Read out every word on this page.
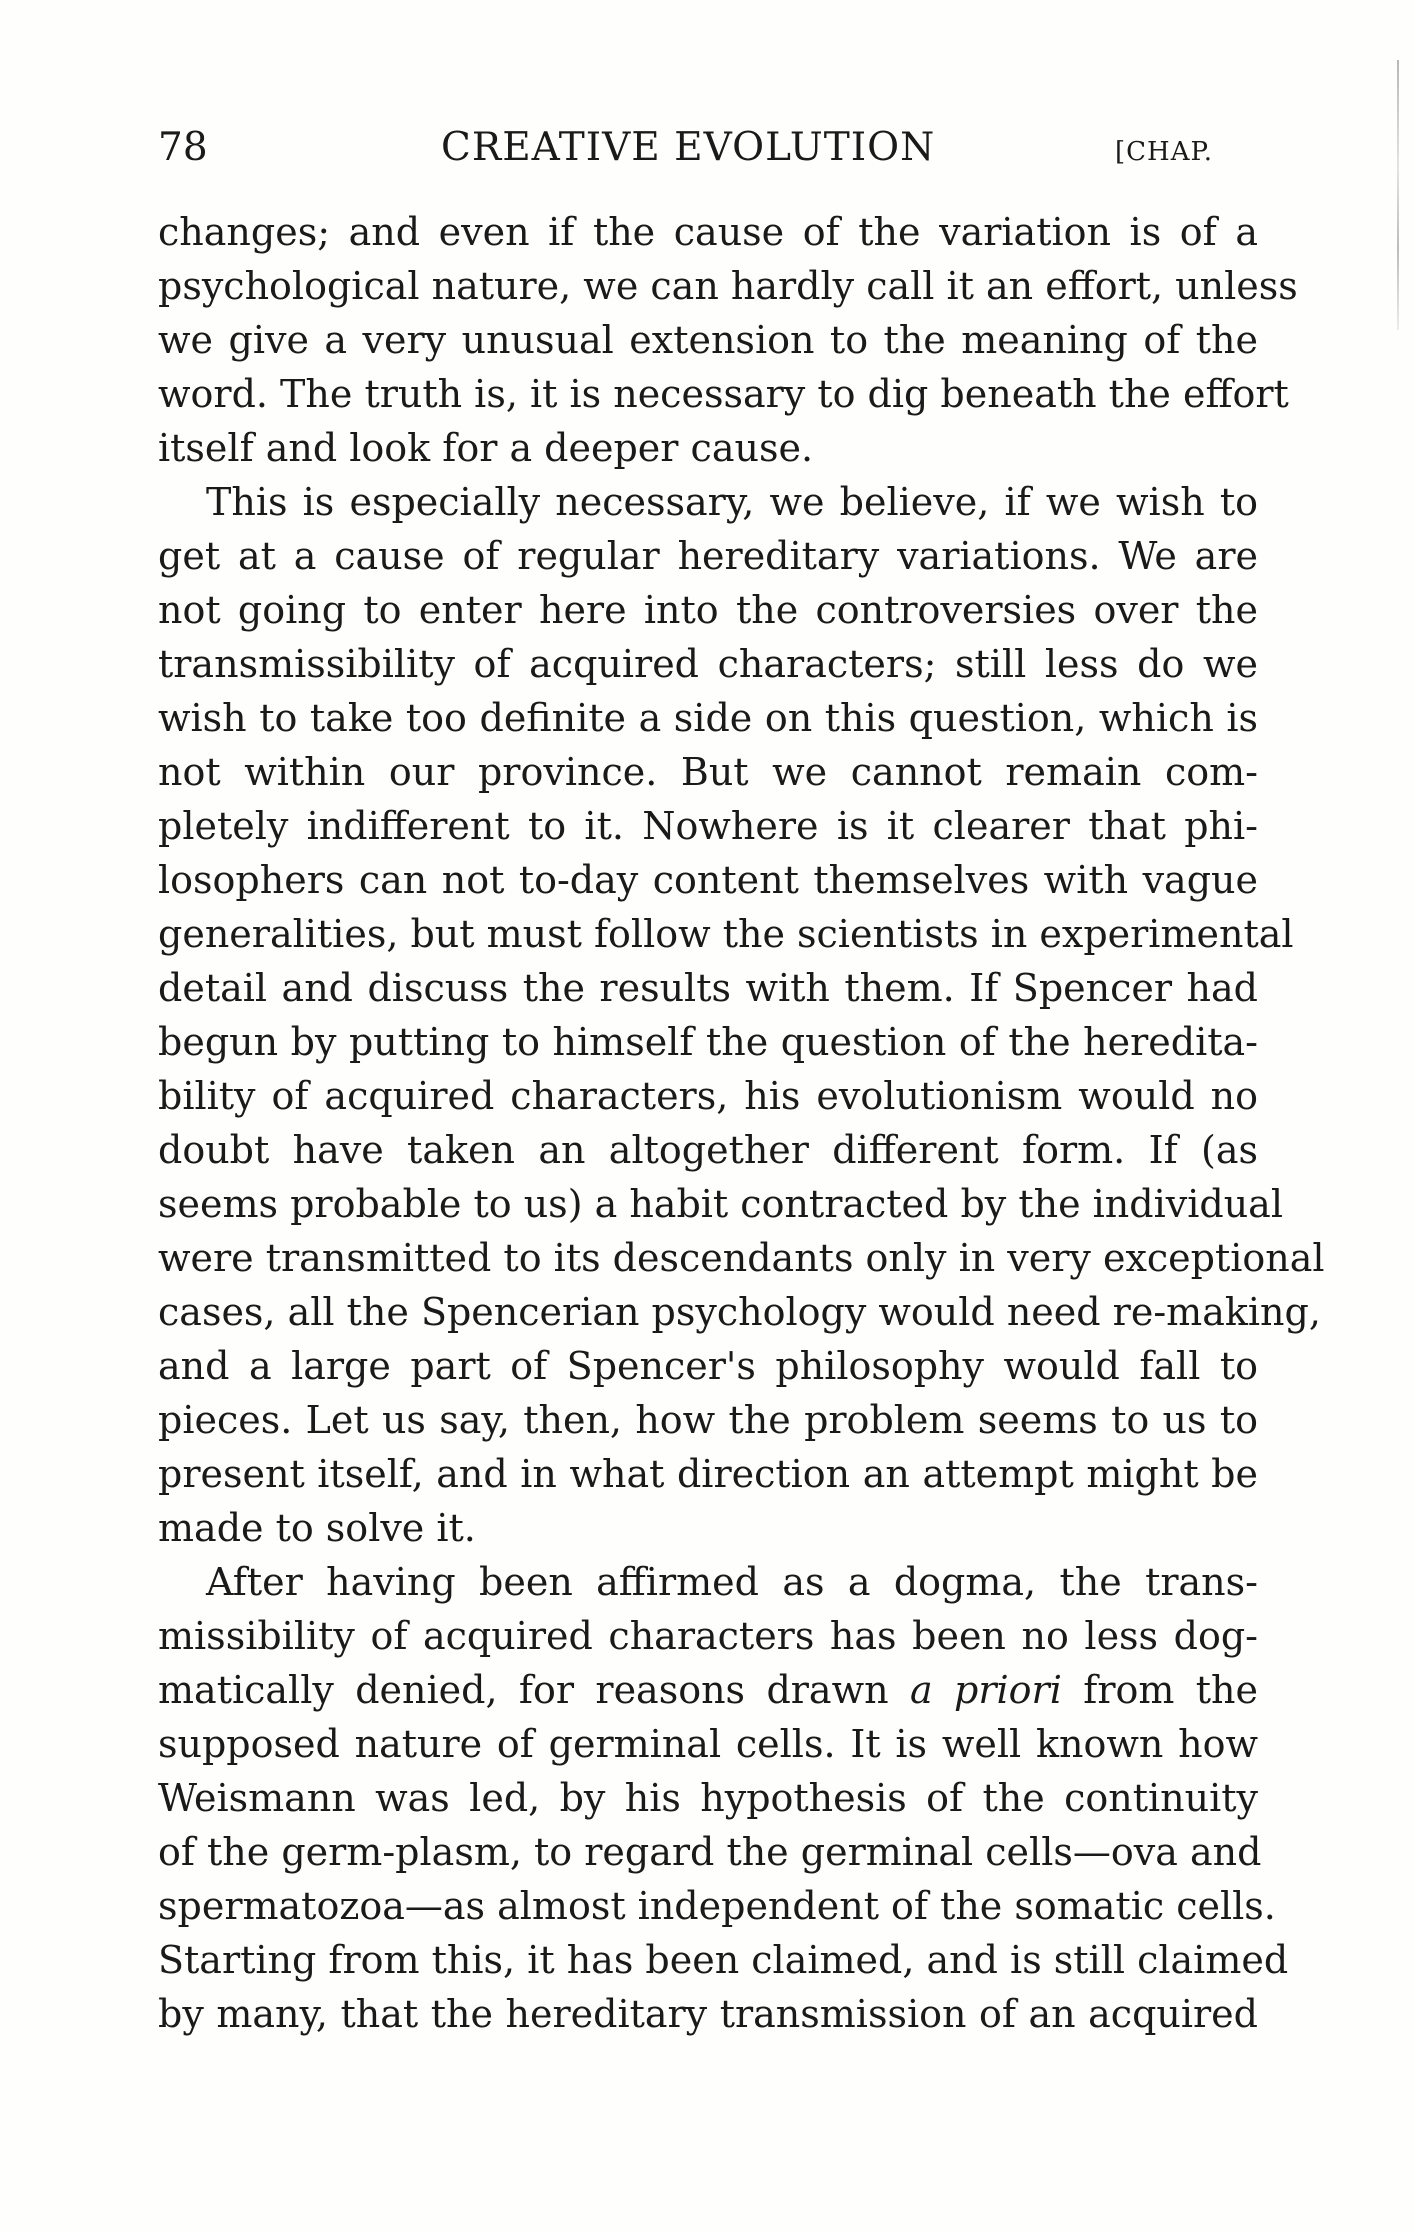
78	CREATIVE EVOLUTION	[CHAP.
changes; and even if the cause of the variation is of a
psychological nature, we can hardly call it an effort, unless
we give a very unusual extension to the meaning of the
word. The truth is, it is necessary to dig beneath the effort
itself and look for a deeper cause.
This is especially necessary, we believe, if we wish to
get at a cause of regular hereditary variations. We are
not going to enter here into the controversies over the
transmissibility of acquired characters; still less do we
wish to take too definite a side on this question, which is
not within our province. But we cannot remain com-
pletely indifferent to it. Nowhere is it clearer that phi-
losophers can not to-day content themselves with vague
generalities, but must follow the scientists in experimental
detail and discuss the results with them. If Spencer had
begun by putting to himself the question of the heredita-
bility of acquired characters, his evolutionism would no
doubt have taken an altogether different form. If (as
seems probable to us) a habit contracted by the individual
were transmitted to its descendants only in very exceptional
cases, all the Spencerian psychology would need re-making,
and a large part of Spencer's philosophy would fall to
pieces. Let us say, then, how the problem seems to us to
present itself, and in what direction an attempt might be
made to solve it.
After having been affirmed as a dogma, the trans-
missibility of acquired characters has been no less dog-
matically denied, for reasons drawn a priori from the
supposed nature of germinal cells. It is well known how
Weismann was led, by his hypothesis of the continuity
of the germ-plasm, to regard the germinal cells—ova and
spermatozoa—as almost independent of the somatic cells.
Starting from this, it has been claimed, and is still claimed
by many, that the hereditary transmission of an acquired
